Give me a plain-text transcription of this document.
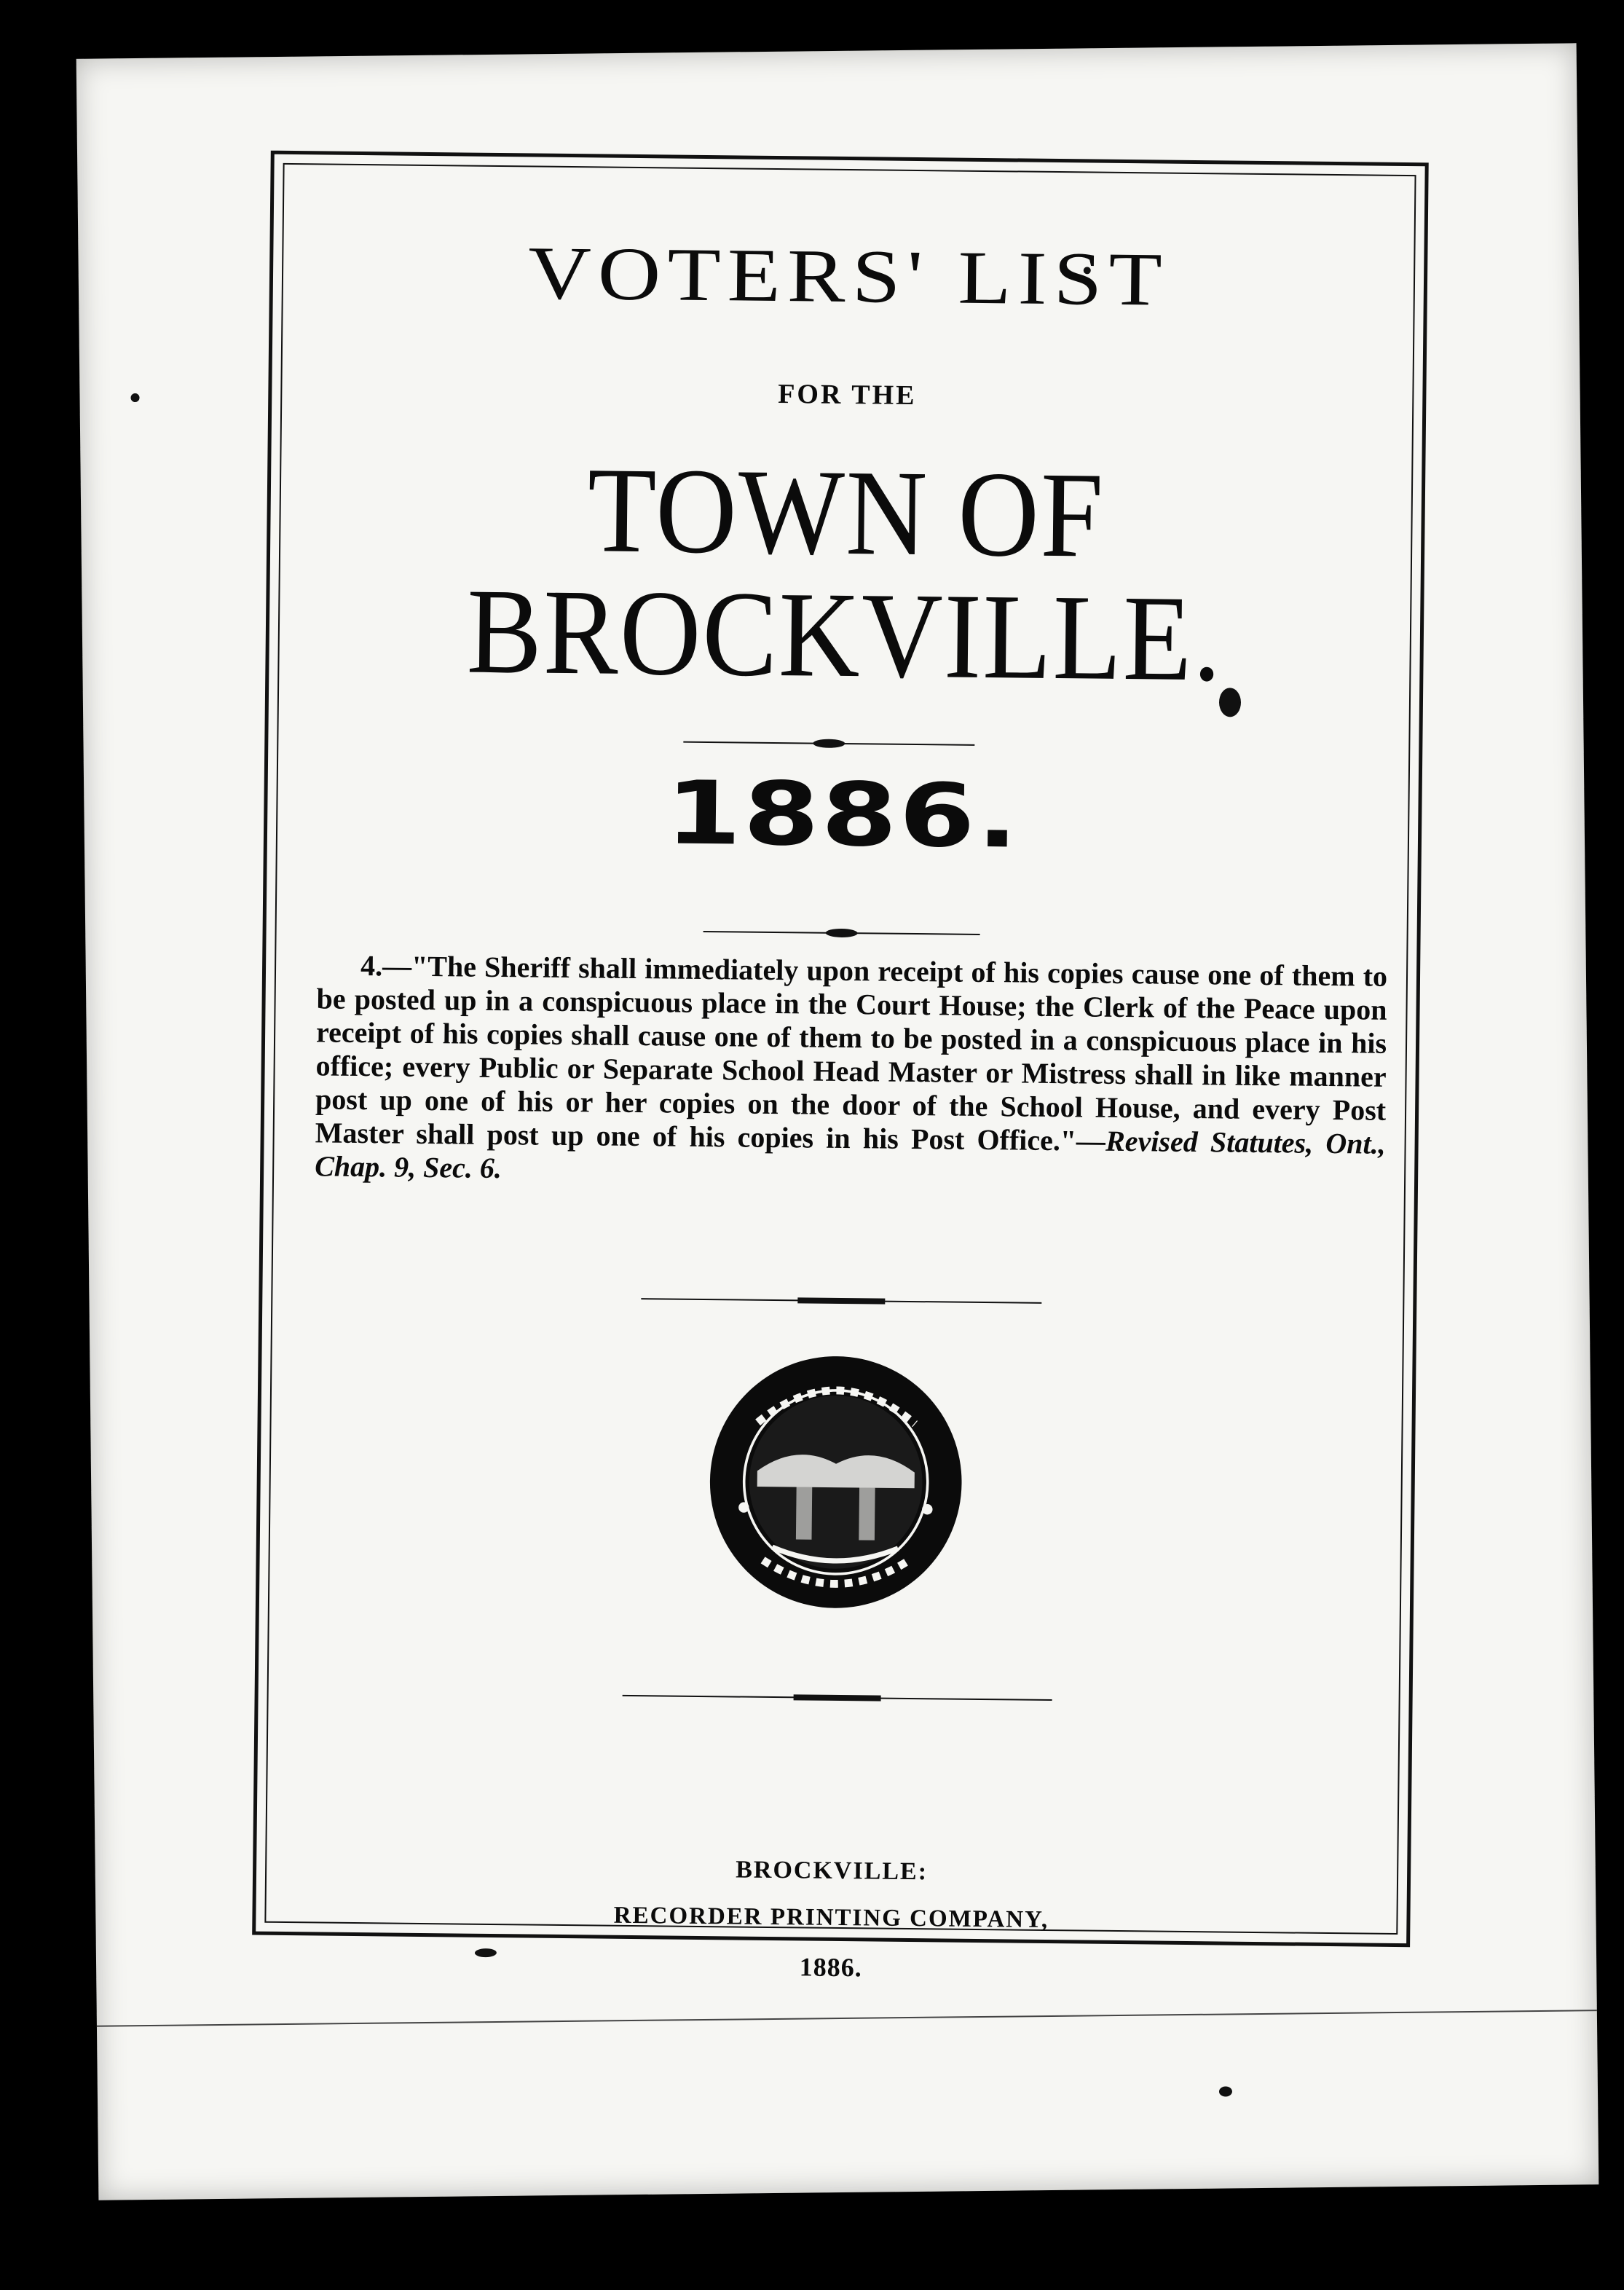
VOTERS' LIST
FOR THE
TOWN OF BROCKVILLE.
1886.
4.—"The Sheriff shall immediately upon receipt of his copies cause one of them to be posted up in a conspicuous place in the Court House; the Clerk of the Peace upon receipt of his copies shall cause one of them to be posted in a conspicuous place in his office; every Public or Separate School Head Master or Mistress shall in like manner post up one of his or her copies on the door of the School House, and every Post Master shall post up one of his copies in his Post Office."—Revised Statutes, Ont., Chap. 9, Sec. 6.
BROCKVILLE:
RECORDER PRINTING COMPANY,
1886.
